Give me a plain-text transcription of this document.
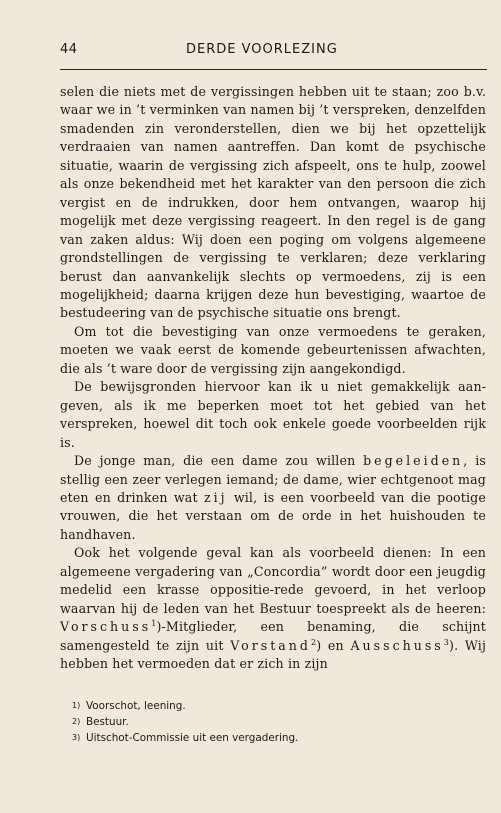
44	DERDE VOORLEZING

selen die niets met de vergissingen hebben uit te staan; zoo b.v. waar we in ’t verminken van namen bij ’t verspreken, denzelfden smadenden zin veronderstellen, dien we bij het opzettelijk verdraaien van namen aantreffen. Dan komt de psychische situatie, waarin de vergissing zich afspeelt, ons te hulp, zoowel als onze bekendheid met het karakter van den persoon die zich vergist en de indrukken, door hem ontvangen, waarop hij mogelijk met deze vergissing reageert. In den regel is de gang van zaken aldus: Wij doen een poging om volgens algemeene grondstellingen de vergissing te verklaren; deze verklaring berust dan aanvankelijk slechts op vermoedens, zij is een mogelijkheid; daarna krijgen deze hun bevestiging, waartoe de bestudeering van de psychische situatie ons brengt.

Om tot die bevestiging van onze vermoedens te geraken, moeten we vaak eerst de komende gebeurtenissen afwachten, die als ’t ware door de vergissing zijn aangekondigd.

De bewijsgronden hiervoor kan ik u niet gemakkelijk aangeven, als ik me beperken moet tot het gebied van het verspreken, hoewel dit toch ook enkele goede voorbeelden rijk is.

De jonge man, die een dame zou willen begeleiden, is stellig een zeer verlegen iemand; de dame, wier echtgenoot mag eten en drinken wat zij wil, is een voorbeeld van die pootige vrouwen, die het verstaan om de orde in het huishouden te handhaven.

Ook het volgende geval kan als voorbeeld dienen: In een algemeene vergadering van „Concordia” wordt door een jeugdig medelid een krasse oppositie-rede gevoerd, in het verloop waarvan hij de leden van het Bestuur toespreekt als de heeren: Vorschuss$^1$)-Mitglieder, een benaming, die schijnt samengesteld te zijn uit Vorstand$^2$) en Ausschuss$^3$). Wij hebben het vermoeden dat er zich in zijn

1) Voorschot, leening.
2) Bestuur.
3) Uitschot-Commissie uit een vergadering.
